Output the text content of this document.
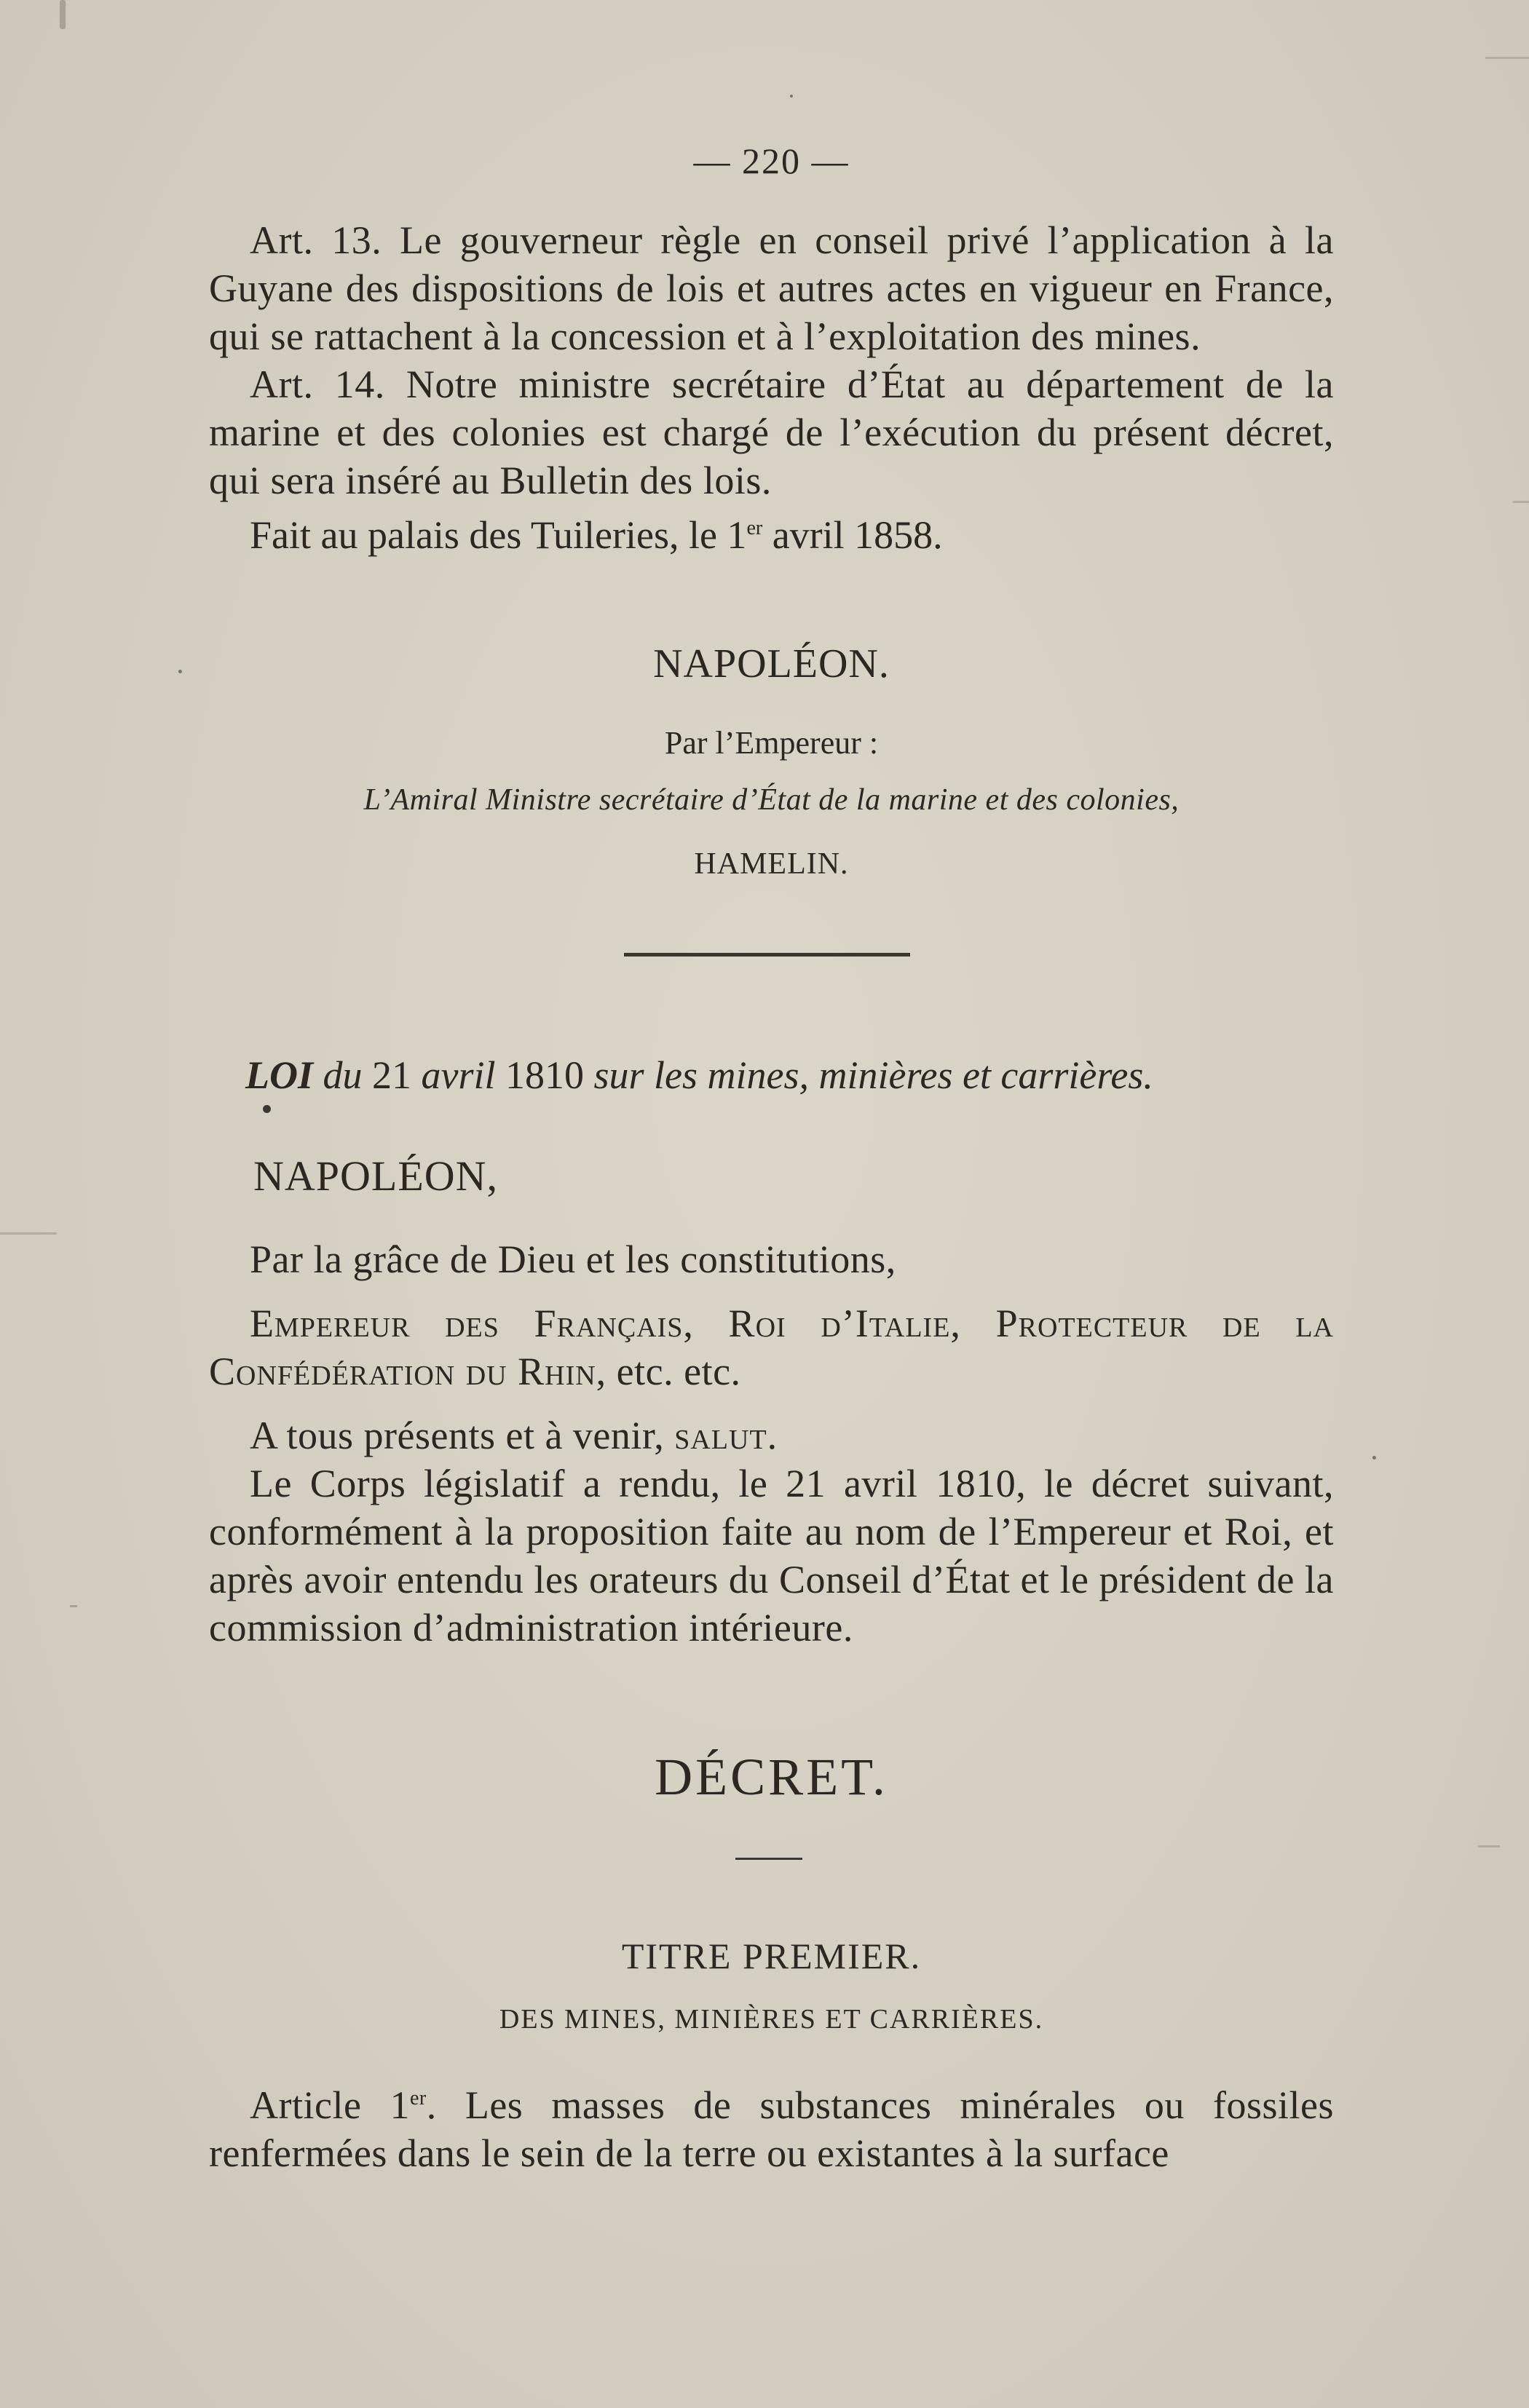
— 220 —

Art. 13. Le gouverneur règle en conseil privé l’application à la Guyane des dispositions de lois et autres actes en vigueur en France, qui se rattachent à la concession et à l’exploitation des mines.

Art. 14. Notre ministre secrétaire d’État au département de la marine et des colonies est chargé de l’exécution du présent décret, qui sera inséré au Bulletin des lois.

Fait au palais des Tuileries, le 1er avril 1858.

NAPOLÉON.

Par l’Empereur :

L’Amiral Ministre secrétaire d’État de la marine et des colonies,

HAMELIN.

LOI du 21 avril 1810 sur les mines, minières et carrières.

NAPOLÉON,

Par la grâce de Dieu et les constitutions,

Empereur des Français, Roi d’Italie, Protecteur de la Confédération du Rhin, etc. etc.

A tous présents et à venir, salut.

Le Corps législatif a rendu, le 21 avril 1810, le décret suivant, conformément à la proposition faite au nom de l’Empereur et Roi, et après avoir entendu les orateurs du Conseil d’État et le président de la commission d’administration intérieure.

DÉCRET.

TITRE PREMIER.

DES MINES, MINIÈRES ET CARRIÈRES.

Article 1er. Les masses de substances minérales ou fossiles renfermées dans le sein de la terre ou existantes à la surface
